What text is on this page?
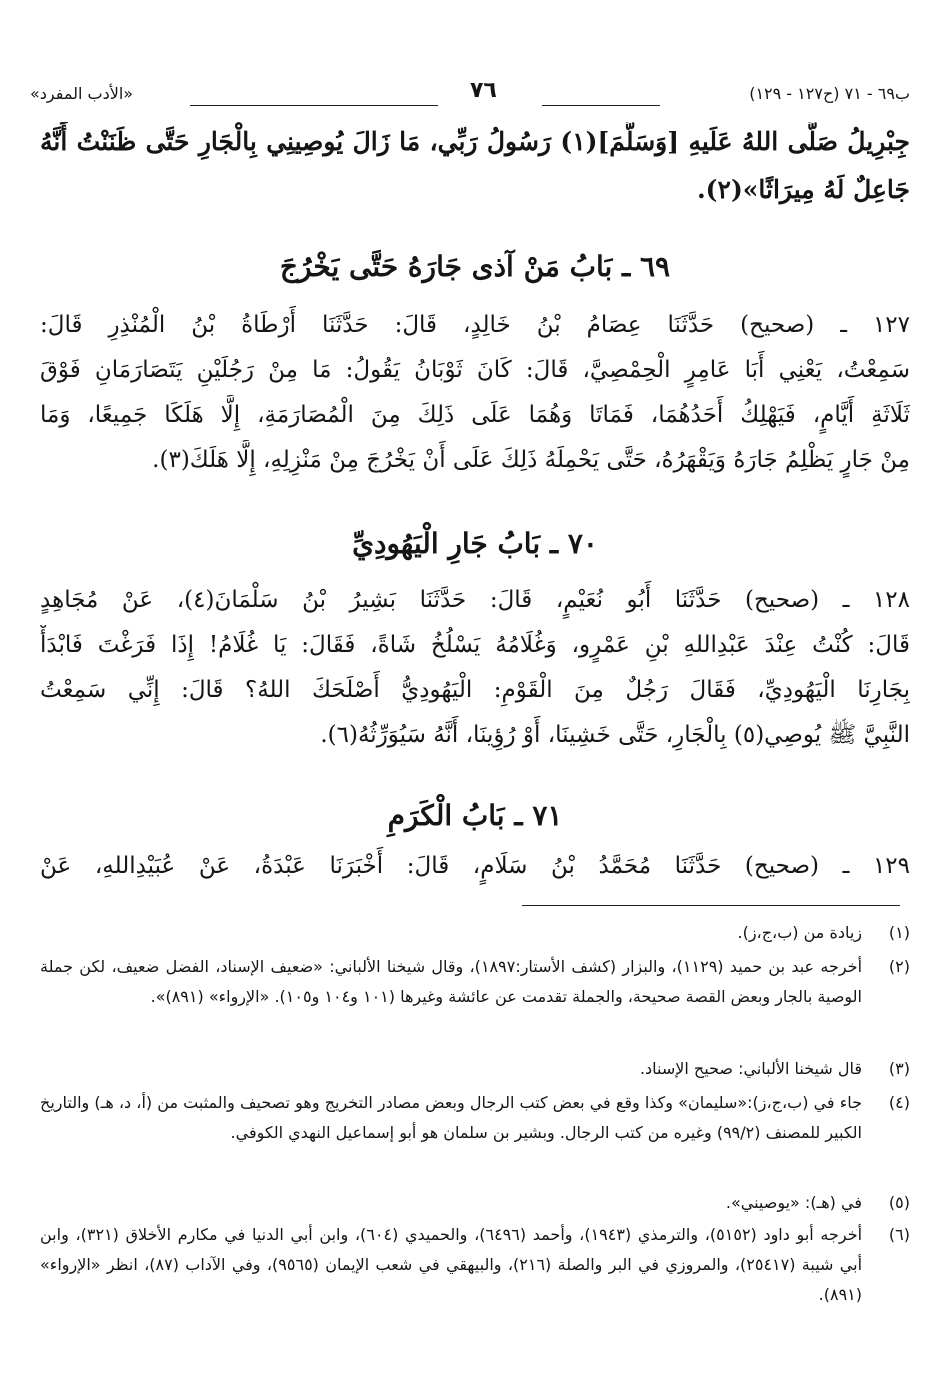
«الأدب المفرد»	٧٦	ب٦٩ - ٧١ (ح١٢٧ - ١٢٩)
جِبْرِيلُ صَلَّى اللهُ عَلَيهِ [وَسَلَّمَ](١) رَسُولُ رَبِّي، مَا زَالَ يُوصِينِي بِالْجَارِ حَتَّى ظَنَنْتُ أَنَّهُ
جَاعِلٌ لَهُ مِيرَاثًا»(٢).
٦٩ ـ بَابُ مَنْ آذى جَارَهُ حَتَّى يَخْرُجَ
١٢٧ ـ (صحيح) حَدَّثَنَا عِصَامُ بْنُ خَالِدٍ، قَالَ: حَدَّثَنَا أَرْطَاةُ بْنُ الْمُنْذِرِ قَالَ:
سَمِعْتُ، يَعْنِي أَبَا عَامِرٍ الْحِمْصِيَّ، قَالَ: كَانَ ثَوْبَانُ يَقُولُ: مَا مِنْ رَجُلَيْنِ يَتَصَارَمَانِ فَوْقَ
ثَلَاثَةِ أَيَّامٍ، فَيَهْلِكُ أَحَدُهُمَا، فَمَاتَا وَهُمَا عَلَى ذَلِكَ مِنَ الْمُصَارَمَةِ، إِلَّا هَلَكَا جَمِيعًا، وَمَا
مِنْ جَارٍ يَظْلِمُ جَارَهُ وَيَقْهَرُهُ، حَتَّى يَحْمِلَهُ ذَلِكَ عَلَى أَنْ يَخْرُجَ مِنْ مَنْزِلِهِ، إِلَّا هَلَكَ(٣).
٧٠ ـ بَابُ جَارِ الْيَهُودِيِّ
١٢٨ ـ (صحيح) حَدَّثَنَا أَبُو نُعَيْمٍ، قَالَ: حَدَّثَنَا بَشِيرُ بْنُ سَلْمَانَ(٤)، عَنْ مُجَاهِدٍ
قَالَ: كُنْتُ عِنْدَ عَبْدِاللهِ بْنِ عَمْرٍو، وَغُلَامُهُ يَسْلُخُ شَاةً، فَقَالَ: يَا غُلَامُ! إِذَا فَرَغْتَ فَابْدَأْ
بِجَارِنَا الْيَهُودِيِّ، فَقَالَ رَجُلٌ مِنَ الْقَوْمِ: الْيَهُودِيُّ أَصْلَحَكَ اللهُ؟ قَالَ: إِنِّي سَمِعْتُ
النَّبِيَّ ﷺ يُوصِي(٥) بِالْجَارِ، حَتَّى خَشِينَا، أَوْ رُؤِينَا، أَنَّهُ سَيُوَرِّثُهُ(٦).
٧١ ـ بَابُ الْكَرَمِ
١٢٩ ـ (صحيح) حَدَّثَنَا مُحَمَّدُ بْنُ سَلَامٍ، قَالَ: أَخْبَرَنَا عَبْدَةُ، عَنْ عُبَيْدِاللهِ، عَنْ
(١)
زيادة من (ب،ج،ز).
(٢)
أخرجه عبد بن حميد (١١٢٩)، والبزار (كشف الأستار:١٨٩٧)، وقال شيخنا الألباني: «ضعيف الإسناد، الفضل ضعيف، لكن جملة الوصية بالجار وبعض القصة صحيحة، والجملة تقدمت عن عائشة وغيرها (١٠١ و١٠٤ و١٠٥). «الإرواء» (٨٩١)».
(٣)
قال شيخنا الألباني: صحيح الإسناد.
(٤)
جاء في (ب،ج،ز):«سليمان» وكذا وقع في بعض كتب الرجال وبعض مصادر التخريج وهو تصحيف والمثبت من (أ، د، هـ) والتاريخ الكبير للمصنف (٩٩/٢) وغيره من كتب الرجال. وبشير بن سلمان هو أبو إسماعيل النهدي الكوفي.
(٥)
في (هـ): «يوصيني».
(٦)
أخرجه أبو داود (٥١٥٢)، والترمذي (١٩٤٣)، وأحمد (٦٤٩٦)، والحميدي (٦٠٤)، وابن أبي الدنيا في مكارم الأخلاق (٣٢١)، وابن أبي شيبة (٢٥٤١٧)، والمروزي في البر والصلة (٢١٦)، والبيهقي في شعب الإيمان (٩٥٦٥)، وفي الآداب (٨٧)، انظر «الإرواء» (٨٩١).
